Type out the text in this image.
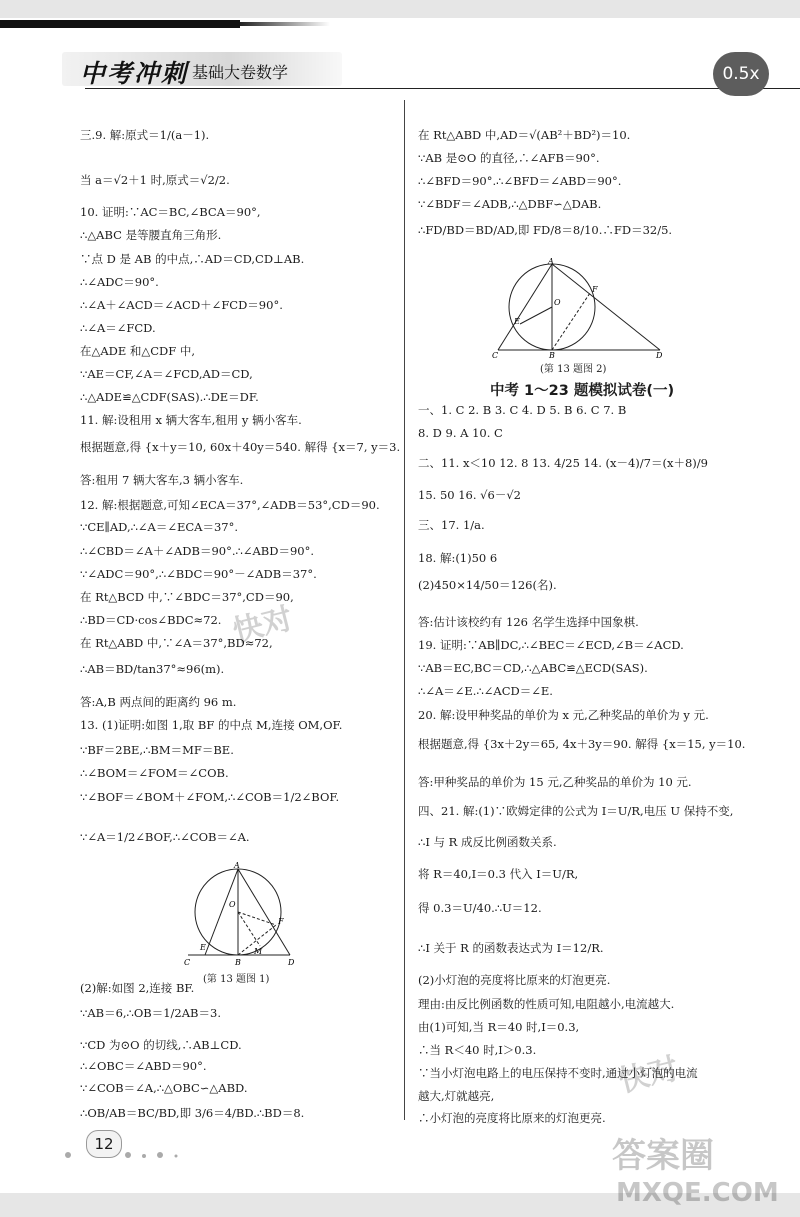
中考冲刺 基础大卷数学	0.5x
三.9. 解:原式＝1/(a－1).
当 a＝√2＋1 时,原式＝√2/2.
10. 证明:∵AC＝BC,∠BCA＝90°,
∴△ABC 是等腰直角三角形.
∵点 D 是 AB 的中点,∴AD＝CD,CD⊥AB.
∴∠ADC＝90°.
∴∠A＋∠ACD＝∠ACD＋∠FCD＝90°.
∴∠A＝∠FCD.
在△ADE 和△CDF 中,
∵AE＝CF,∠A＝∠FCD,AD＝CD,
∴△ADE≌△CDF(SAS).∴DE＝DF.
11. 解:设租用 x 辆大客车,租用 y 辆小客车.
根据题意,得 {x＋y＝10, 60x＋40y＝540. 解得 {x＝7, y＝3.
答:租用 7 辆大客车,3 辆小客车.
12. 解:根据题意,可知∠ECA＝37°,∠ADB＝53°,CD＝90.
∵CE∥AD,∴∠A＝∠ECA＝37°.
∴∠CBD＝∠A＋∠ADB＝90°.∴∠ABD＝90°.
∵∠ADC＝90°,∴∠BDC＝90°－∠ADB＝37°.
在 Rt△BCD 中,∵∠BDC＝37°,CD＝90,
∴BD＝CD·cos∠BDC≈72.
在 Rt△ABD 中,∵∠A＝37°,BD≈72,
∴AB＝BD/tan37°≈96(m).
答:A,B 两点间的距离约 96 m.
13. (1)证明:如图 1,取 BF 的中点 M,连接 OM,OF.
∵BF＝2BE,∴BM＝MF＝BE.
∴∠BOM＝∠FOM＝∠COB.
∵∠BOF＝∠BOM＋∠FOM,∴∠COB＝1/2∠BOF.
∵∠A＝1/2∠BOF,∴∠COB＝∠A.
(2)解:如图 2,连接 BF.
∵AB＝6,∴OB＝1/2AB＝3.
∵CD 为⊙O 的切线,∴AB⊥CD.
∴∠OBC＝∠ABD＝90°.
∵∠COB＝∠A,∴△OBC∽△ABD.
∴OB/AB＝BC/BD,即 3/6＝4/BD.∴BD＝8.
在 Rt△ABD 中,AD＝√(AB²＋BD²)＝10.
∵AB 是⊙O 的直径,∴∠AFB＝90°.
∴∠BFD＝90°.∴∠BFD＝∠ABD＝90°.
∵∠BDF＝∠ADB,∴△DBF∽△DAB.
∴FD/BD＝BD/AD,即 FD/8＝8/10.∴FD＝32/5.
一、1. C 2. B 3. C 4. D 5. B 6. C 7. B
8. D 9. A 10. C
二、11. x＜10 12. 8 13. 4/25 14. (x－4)/7＝(x＋8)/9
15. 50 16. √6－√2
三、17. 1/a.
18. 解:(1)50 6
(2)450×14/50＝126(名).
答:估计该校约有 126 名学生选择中国象棋.
19. 证明:∵AB∥DC,∴∠BEC＝∠ECD,∠B＝∠ACD.
∵AB＝EC,BC＝CD,∴△ABC≌△ECD(SAS).
∴∠A＝∠E.∴∠ACD＝∠E.
20. 解:设甲种奖品的单价为 x 元,乙种奖品的单价为 y 元.
根据题意,得 {3x＋2y＝65, 4x＋3y＝90. 解得 {x＝15, y＝10.
答:甲种奖品的单价为 15 元,乙种奖品的单价为 10 元.
四、21. 解:(1)∵欧姆定律的公式为 I＝U/R,电压 U 保持不变,
∴I 与 R 成反比例函数关系.
将 R＝40,I＝0.3 代入 I＝U/R,
得 0.3＝U/40.∴U＝12.
∴I 关于 R 的函数表达式为 I＝12/R.
(2)小灯泡的亮度将比原来的灯泡更亮.
理由:由反比例函数的性质可知,电阻越小,电流越大.
由(1)可知,当 R＝40 时,I＝0.3,
∴当 R＜40 时,I＞0.3.
∵当小灯泡电路上的电压保持不变时,通过小灯泡的电流
越大,灯就越亮,
∴小灯泡的亮度将比原来的灯泡更亮.
A
O
F
E	M
C	B	D
(第 13 题图 1)
A
O
F
E
C	B	D
(第 13 题图 2)
中考 1～23 题模拟试卷(一)
快对
快对
答案圈
MXQE.COM
12
